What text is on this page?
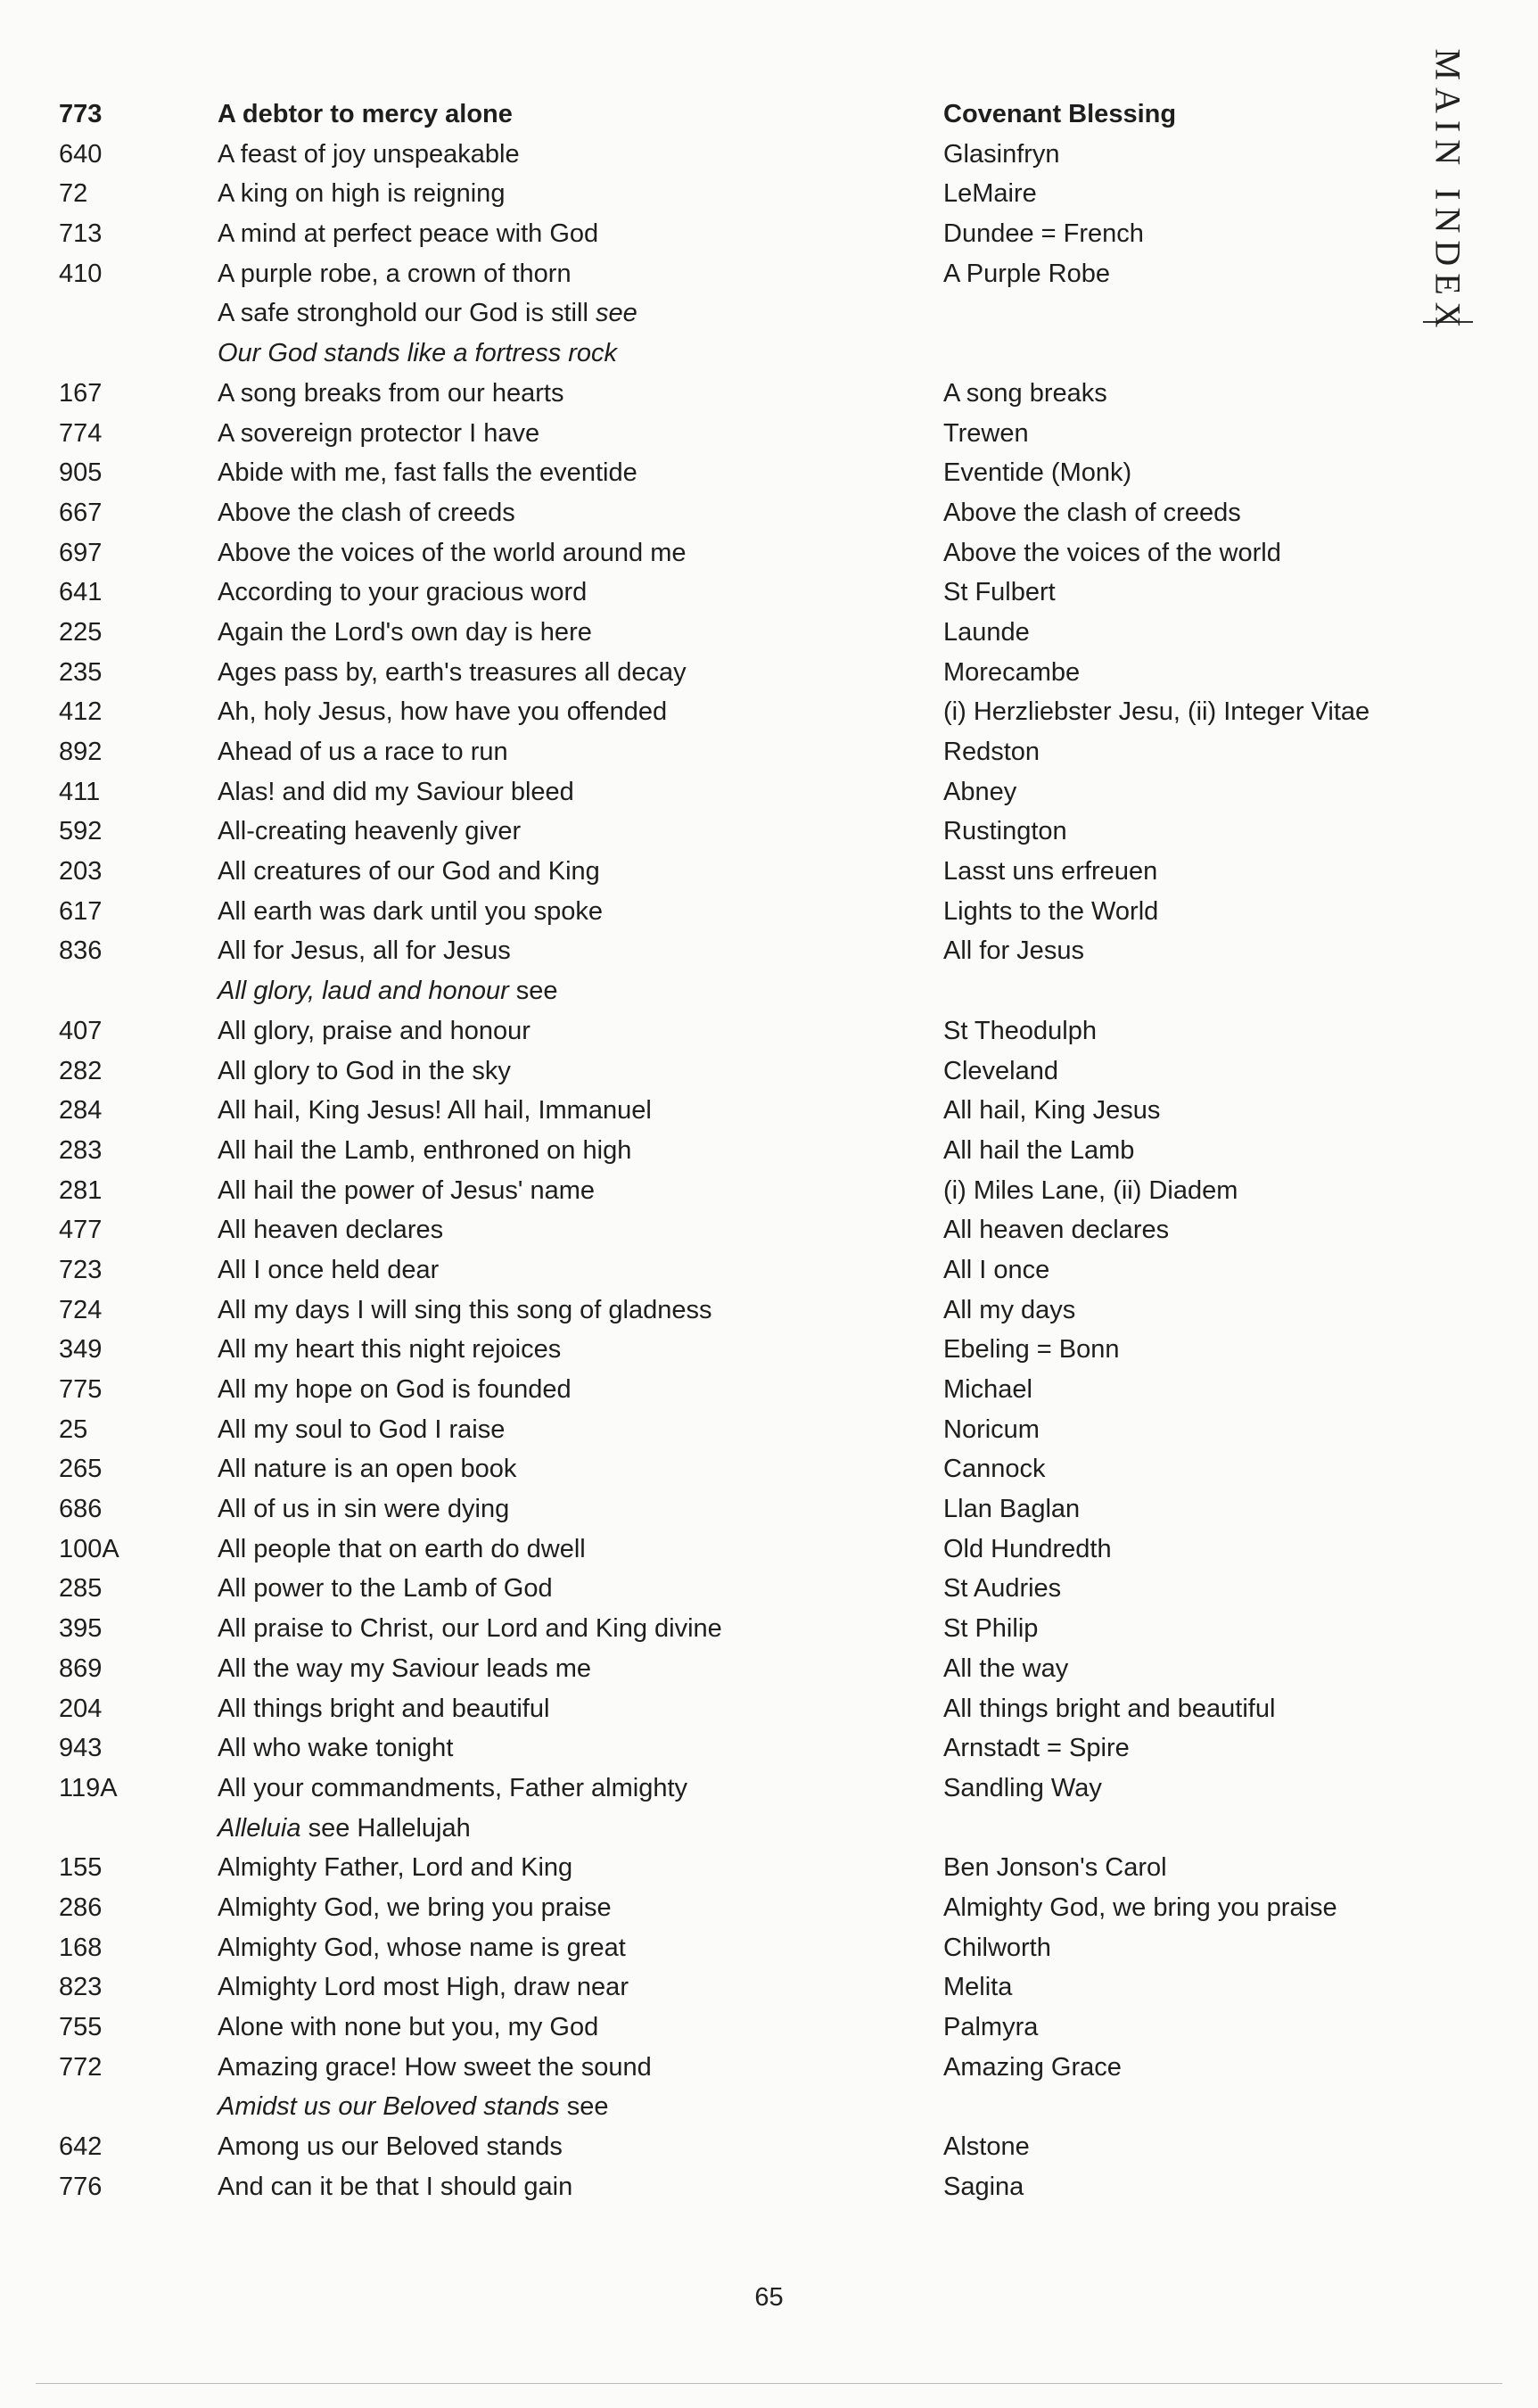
MAIN INDEX
773	A debtor to mercy alone	Covenant Blessing
640	A feast of joy unspeakable	Glasinfryn
72	A king on high is reigning	LeMaire
713	A mind at perfect peace with God	Dundee = French
410	A purple robe, a crown of thorn	A Purple Robe
A safe stronghold our God is still see
Our God stands like a fortress rock
167	A song breaks from our hearts	A song breaks
774	A sovereign protector I have	Trewen
905	Abide with me, fast falls the eventide	Eventide (Monk)
667	Above the clash of creeds	Above the clash of creeds
697	Above the voices of the world around me	Above the voices of the world
641	According to your gracious word	St Fulbert
225	Again the Lord's own day is here	Launde
235	Ages pass by, earth's treasures all decay	Morecambe
412	Ah, holy Jesus, how have you offended	(i) Herzliebster Jesu, (ii) Integer Vitae
892	Ahead of us a race to run	Redston
411	Alas! and did my Saviour bleed	Abney
592	All-creating heavenly giver	Rustington
203	All creatures of our God and King	Lasst uns erfreuen
617	All earth was dark until you spoke	Lights to the World
836	All for Jesus, all for Jesus	All for Jesus
All glory, laud and honour see
407	All glory, praise and honour	St Theodulph
282	All glory to God in the sky	Cleveland
284	All hail, King Jesus! All hail, Immanuel	All hail, King Jesus
283	All hail the Lamb, enthroned on high	All hail the Lamb
281	All hail the power of Jesus' name	(i) Miles Lane, (ii) Diadem
477	All heaven declares	All heaven declares
723	All I once held dear	All I once
724	All my days I will sing this song of gladness	All my days
349	All my heart this night rejoices	Ebeling = Bonn
775	All my hope on God is founded	Michael
25	All my soul to God I raise	Noricum
265	All nature is an open book	Cannock
686	All of us in sin were dying	Llan Baglan
100A	All people that on earth do dwell	Old Hundredth
285	All power to the Lamb of God	St Audries
395	All praise to Christ, our Lord and King divine	St Philip
869	All the way my Saviour leads me	All the way
204	All things bright and beautiful	All things bright and beautiful
943	All who wake tonight	Arnstadt = Spire
119A	All your commandments, Father almighty	Sandling Way
Alleluia see Hallelujah
155	Almighty Father, Lord and King	Ben Jonson's Carol
286	Almighty God, we bring you praise	Almighty God, we bring you praise
168	Almighty God, whose name is great	Chilworth
823	Almighty Lord most High, draw near	Melita
755	Alone with none but you, my God	Palmyra
772	Amazing grace! How sweet the sound	Amazing Grace
Amidst us our Beloved stands see
642	Among us our Beloved stands	Alstone
776	And can it be that I should gain	Sagina
65
